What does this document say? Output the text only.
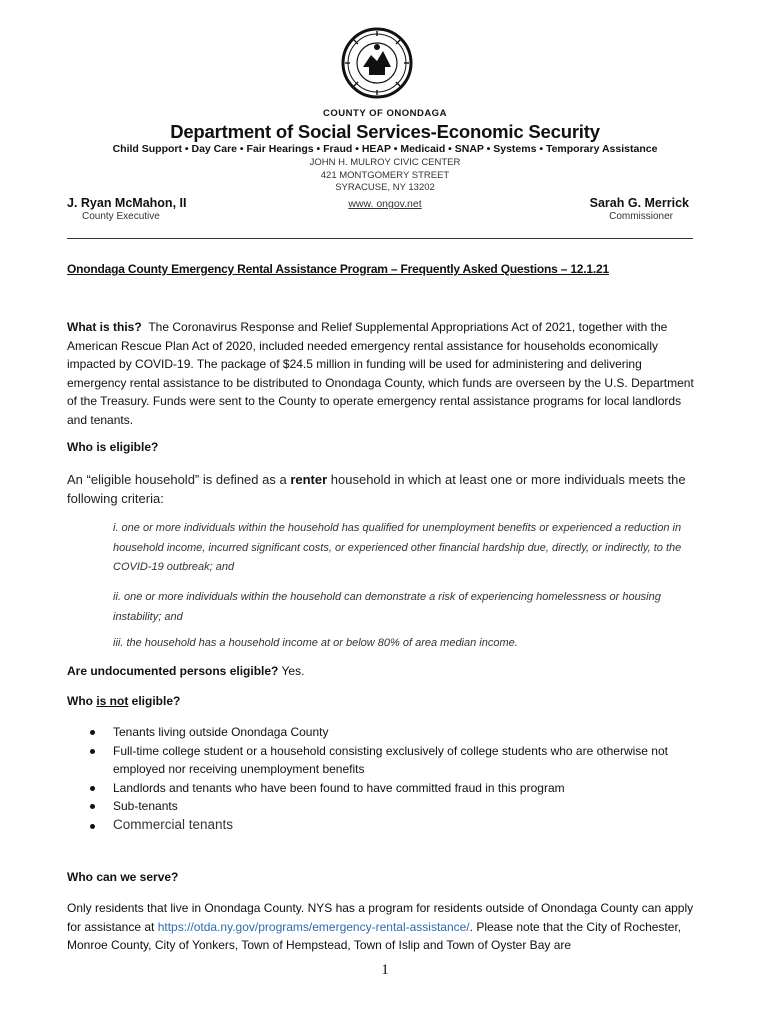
COUNTY OF ONONDAGA
Department of Social Services-Economic Security
Child Support • Day Care • Fair Hearings • Fraud • HEAP • Medicaid • SNAP • Systems • Temporary Assistance
JOHN H. MULROY CIVIC CENTER
421 MONTGOMERY STREET
SYRACUSE, NY 13202
www. ongov.net
J. Ryan McMahon, II
County Executive
Sarah G. Merrick
Commissioner
Onondaga County Emergency Rental Assistance Program – Frequently Asked Questions – 12.1.21
What is this? The Coronavirus Response and Relief Supplemental Appropriations Act of 2021, together with the American Rescue Plan Act of 2020, included needed emergency rental assistance for households economically impacted by COVID-19. The package of $24.5 million in funding will be used for administering and delivering emergency rental assistance to be distributed to Onondaga County, which funds are overseen by the U.S. Department of the Treasury. Funds were sent to the County to operate emergency rental assistance programs for local landlords and tenants.
Who is eligible?
An “eligible household” is defined as a renter household in which at least one or more individuals meets the following criteria:
i. one or more individuals within the household has qualified for unemployment benefits or experienced a reduction in household income, incurred significant costs, or experienced other financial hardship due, directly, or indirectly, to the COVID-19 outbreak; and
ii. one or more individuals within the household can demonstrate a risk of experiencing homelessness or housing instability; and
iii. the household has a household income at or below 80% of area median income.
Are undocumented persons eligible? Yes.
Who is not eligible?
Tenants living outside Onondaga County
Full-time college student or a household consisting exclusively of college students who are otherwise not employed nor receiving unemployment benefits
Landlords and tenants who have been found to have committed fraud in this program
Sub-tenants
Commercial tenants
Who can we serve?
Only residents that live in Onondaga County. NYS has a program for residents outside of Onondaga County can apply for assistance at https://otda.ny.gov/programs/emergency-rental-assistance/. Please note that the City of Rochester, Monroe County, City of Yonkers, Town of Hempstead, Town of Islip and Town of Oyster Bay are
1
